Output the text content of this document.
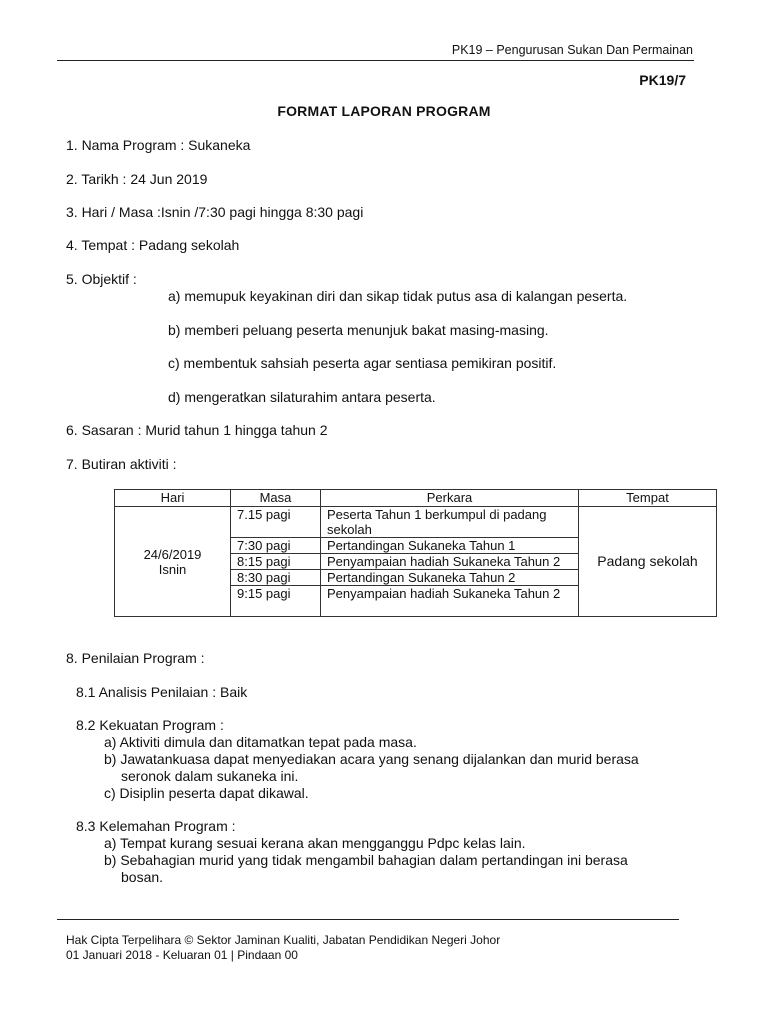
PK19 – Pengurusan Sukan Dan Permainan
PK19/7
FORMAT LAPORAN PROGRAM
1. Nama Program : Sukaneka
2. Tarikh : 24 Jun 2019
3. Hari / Masa :Isnin /7:30 pagi hingga 8:30 pagi
4. Tempat : Padang sekolah
5. Objektif :
a) memupuk keyakinan diri dan sikap tidak putus asa di kalangan peserta.
b) memberi peluang peserta menunjuk bakat masing-masing.
c) membentuk sahsiah peserta agar sentiasa pemikiran positif.
d) mengeratkan silaturahim antara peserta.
6. Sasaran : Murid tahun 1 hingga tahun 2
7. Butiran aktiviti :
Hari	Masa	Perkara	Tempat

24/6/2019
Isnin	7.15 pagi	Peserta Tahun 1 berkumpul di padang sekolah	Padang sekolah
	7:30 pagi	Pertandingan Sukaneka Tahun 1	
	8:15 pagi	Penyampaian hadiah Sukaneka Tahun 2	
	8:30 pagi	Pertandingan Sukaneka Tahun 2	
	9:15 pagi	Penyampaian hadiah Sukaneka Tahun 2	
8. Penilaian Program :
8.1 Analisis Penilaian : Baik
8.2 Kekuatan Program :
a) Aktiviti dimula dan ditamatkan tepat pada masa.
b) Jawatankuasa dapat menyediakan acara yang senang dijalankan dan murid berasa
seronok dalam sukaneka ini.
c) Disiplin peserta dapat dikawal.
8.3 Kelemahan Program :
a) Tempat kurang sesuai kerana akan mengganggu Pdpc kelas lain.
b) Sebahagian murid yang tidak mengambil bahagian dalam pertandingan ini berasa
bosan.
Hak Cipta Terpelihara © Sektor Jaminan Kualiti, Jabatan Pendidikan Negeri Johor
01 Januari 2018 - Keluaran 01 | Pindaan 00
